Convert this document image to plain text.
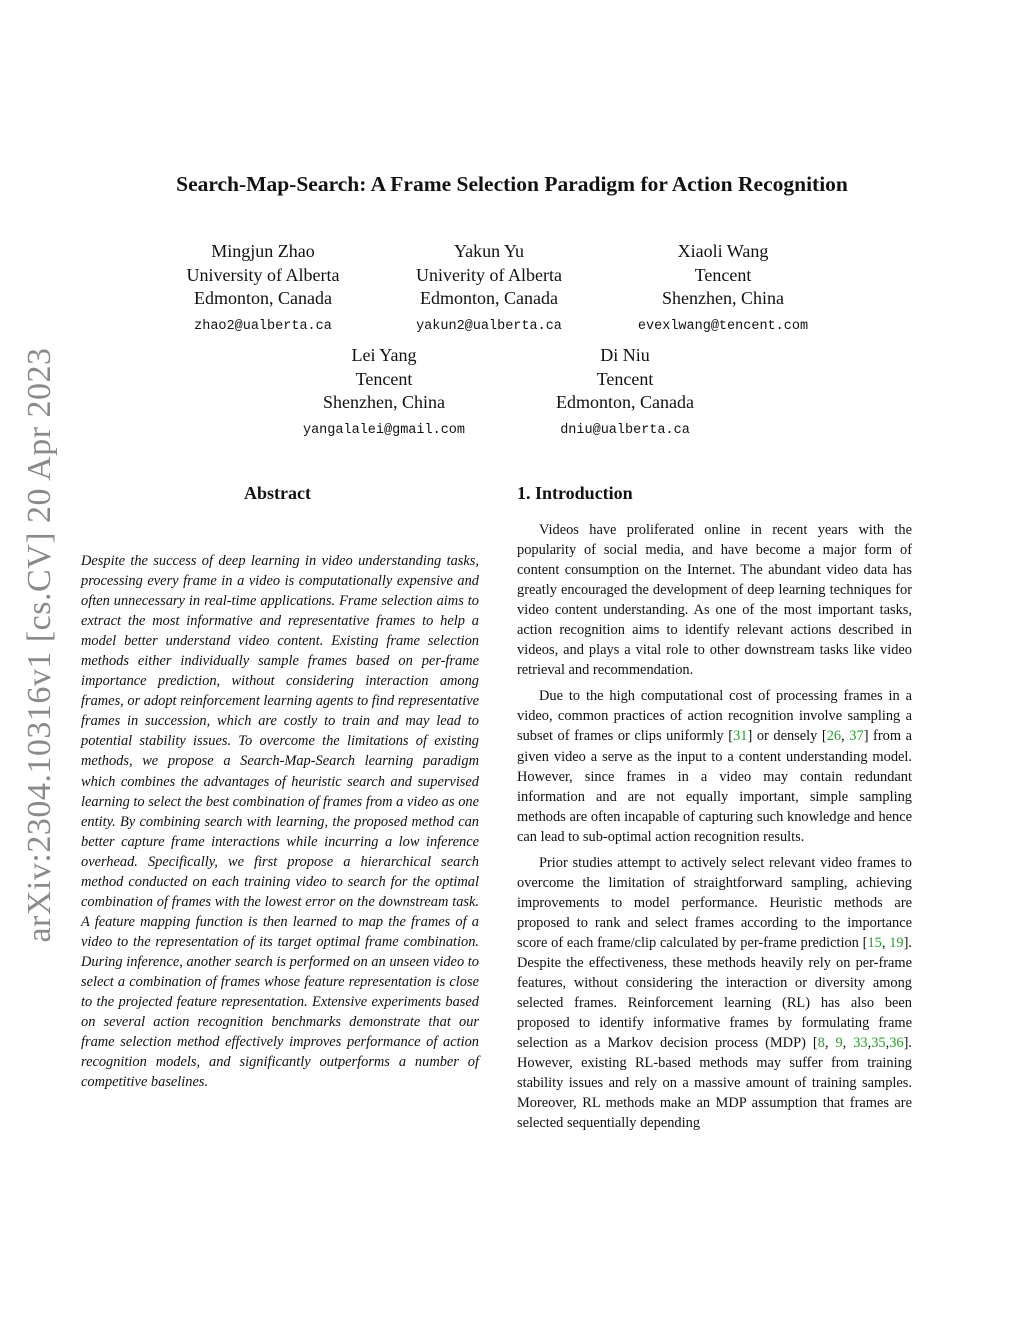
arXiv:2304.10316v1 [cs.CV] 20 Apr 2023
Search-Map-Search: A Frame Selection Paradigm for Action Recognition
Mingjun Zhao
University of Alberta
Edmonton, Canada
zhao2@ualberta.ca
Yakun Yu
Univerity of Alberta
Edmonton, Canada
yakun2@ualberta.ca
Xiaoli Wang
Tencent
Shenzhen, China
evexlwang@tencent.com
Lei Yang
Tencent
Shenzhen, China
yangalalei@gmail.com
Di Niu
Tencent
Edmonton, Canada
dniu@ualberta.ca
Abstract

Despite the success of deep learning in video understanding tasks, processing every frame in a video is computationally expensive and often unnecessary in real-time applications. Frame selection aims to extract the most informative and representative frames to help a model better understand video content. Existing frame selection methods either individually sample frames based on per-frame importance prediction, without considering interaction among frames, or adopt reinforcement learning agents to find representative frames in succession, which are costly to train and may lead to potential stability issues. To overcome the limitations of existing methods, we propose a Search-Map-Search learning paradigm which combines the advantages of heuristic search and supervised learning to select the best combination of frames from a video as one entity. By combining search with learning, the proposed method can better capture frame interactions while incurring a low inference overhead. Specifically, we first propose a hierarchical search method conducted on each training video to search for the optimal combination of frames with the lowest error on the downstream task. A feature mapping function is then learned to map the frames of a video to the representation of its target optimal frame combination. During inference, another search is performed on an unseen video to select a combination of frames whose feature representation is close to the projected feature representation. Extensive experiments based on several action recognition benchmarks demonstrate that our frame selection method effectively improves performance of action recognition models, and significantly outperforms a number of competitive baselines.

1. Introduction

Videos have proliferated online in recent years with the popularity of social media, and have become a major form of content consumption on the Internet. The abundant video data has greatly encouraged the development of deep learning techniques for video content understanding. As one of the most important tasks, action recognition aims to identify relevant actions described in videos, and plays a vital role to other downstream tasks like video retrieval and recommendation.

Due to the high computational cost of processing frames in a video, common practices of action recognition involve sampling a subset of frames or clips uniformly [31] or densely [26, 37] from a given video a serve as the input to a content understanding model. However, since frames in a video may contain redundant information and are not equally important, simple sampling methods are often incapable of capturing such knowledge and hence can lead to sub-optimal action recognition results.

Prior studies attempt to actively select relevant video frames to overcome the limitation of straightforward sampling, achieving improvements to model performance. Heuristic methods are proposed to rank and select frames according to the importance score of each frame/clip calculated by per-frame prediction [15, 19]. Despite the effectiveness, these methods heavily rely on per-frame features, without considering the interaction or diversity among selected frames. Reinforcement learning (RL) has also been proposed to identify informative frames by formulating frame selection as a Markov decision process (MDP) [8, 9, 33,35,36]. However, existing RL-based methods may suffer from training stability issues and rely on a massive amount of training samples. Moreover, RL methods make an MDP assumption that frames are selected sequentially depending
